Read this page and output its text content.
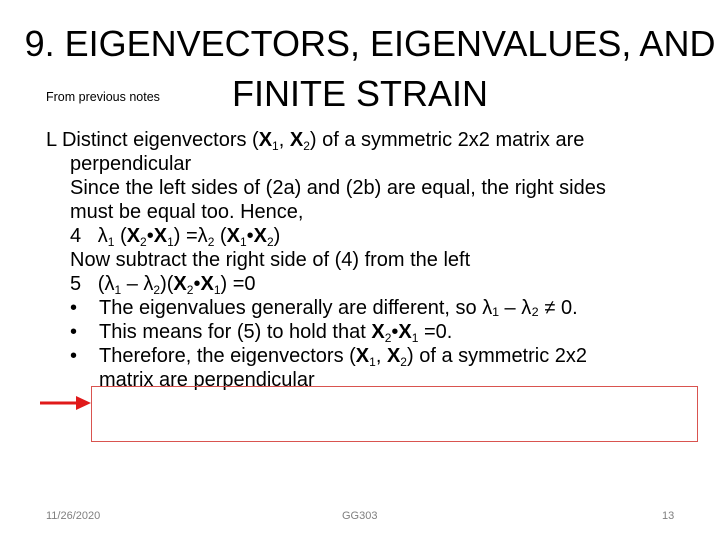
9. EIGENVECTORS, EIGENVALUES, AND
FINITE STRAIN
From previous notes
L Distinct eigenvectors ($X_1$, $X_2$) of a symmetric 2x2 matrix are
perpendicular
Since the left sides of (2a) and (2b) are equal, the right sides
must be equal too. Hence,
4   $\lambda_1$ $(X_2•X_1) =\lambda_2$ $(X_1•X_2)$
Now subtract the right side of (4) from the left
5   ($\lambda_1$ – $\lambda_2)(X_2•X_1) =0$
• The eigenvalues generally are different, so λ₁ – λ₂ ≠ 0.
• This means for (5) to hold that $X_2•X_1 =0$.
• Therefore, the eigenvectors ($X_1$, $X_2$) of a symmetric 2x2
matrix are perpendicular
11/26/2020	GG303	13
